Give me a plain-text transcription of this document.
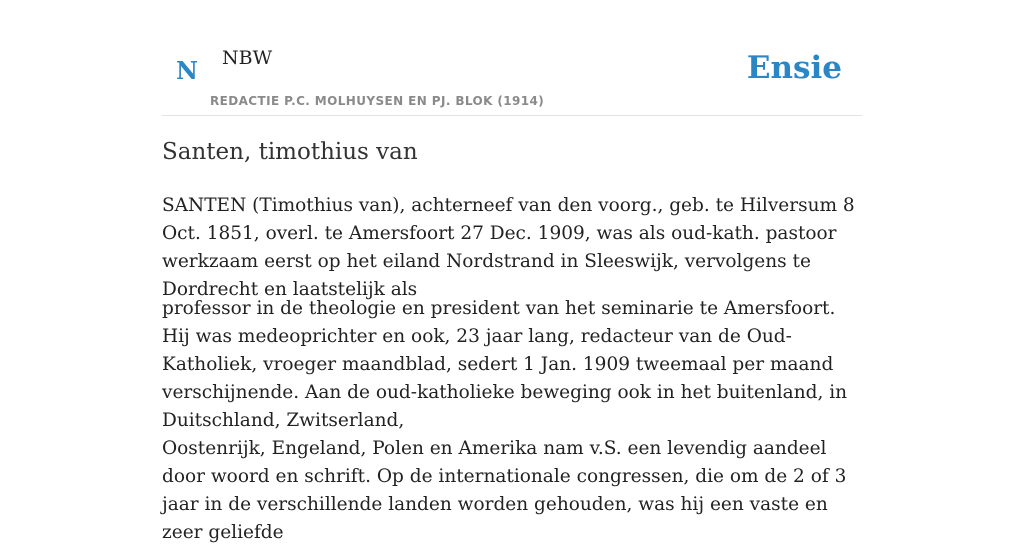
N NBW
REDACTIE P.C. MOLHUYSEN EN PJ. BLOK (1914)
Ensie
Santen, timothius van

SANTEN (Timothius van), achterneef van den voorg., geb. te Hilversum 8 Oct. 1851, overl. te Amersfoort 27 Dec. 1909, was als oud-kath. pastoor werkzaam eerst op het eiland Nordstrand in Sleeswijk, vervolgens te Dordrecht en laatstelijk als

professor in de theologie en president van het seminarie te Amersfoort. Hij was medeoprichter en ook, 23 jaar lang, redacteur van de Oud-Katholiek, vroeger maandblad, sedert 1 Jan. 1909 tweemaal per maand verschijnende. Aan de oud-katholieke beweging ook in het buitenland, in Duitschland, Zwitserland,

Oostenrijk, Engeland, Polen en Amerika nam v.S. een levendig aandeel door woord en schrift. Op de internationale congressen, die om de 2 of 3 jaar in de verschillende landen worden gehouden, was hij een vaste en zeer geliefde
